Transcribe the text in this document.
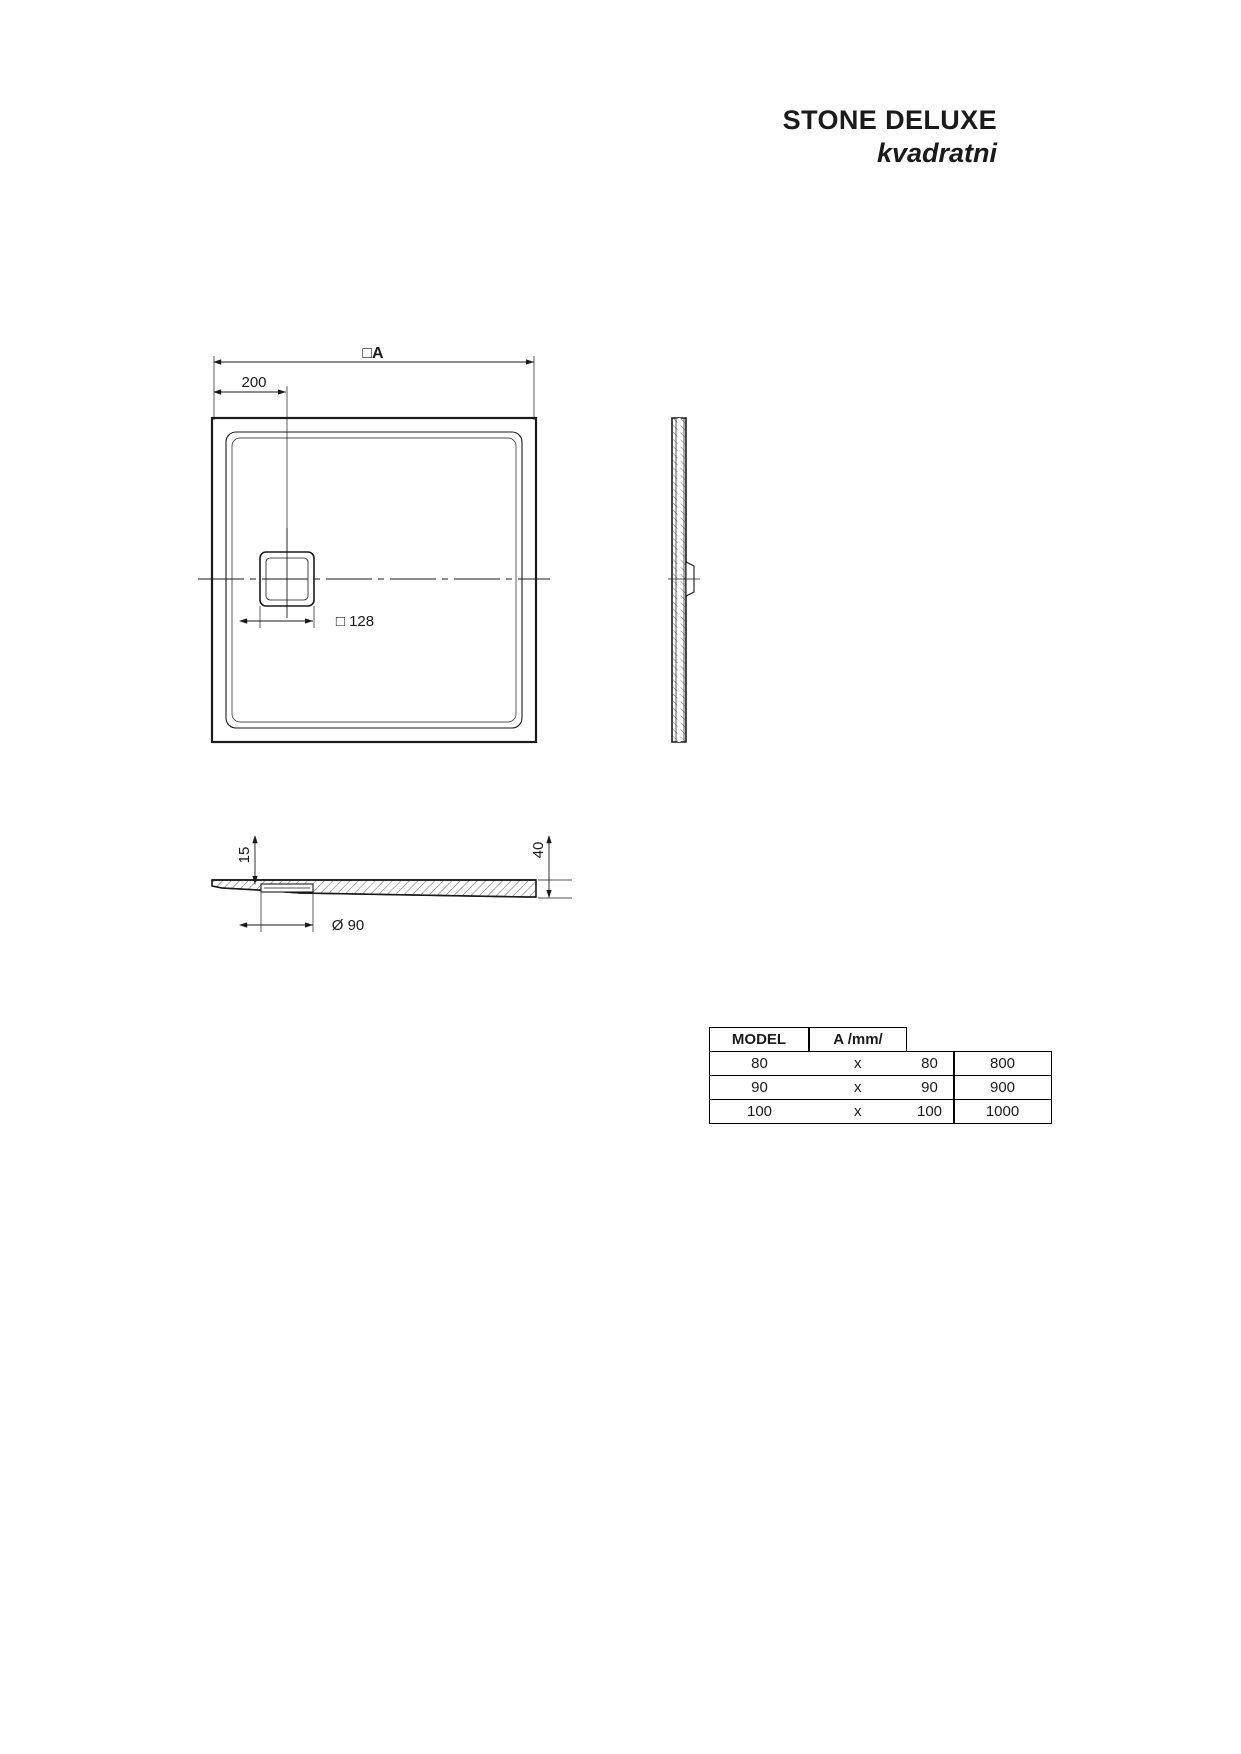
STONE DELUXE
kvadratni
□A
200
□ 128
15	40
Ø 90
MODEL	A /mm/		
80	x	80	800
90	x	90	900
100	x	100	1000
